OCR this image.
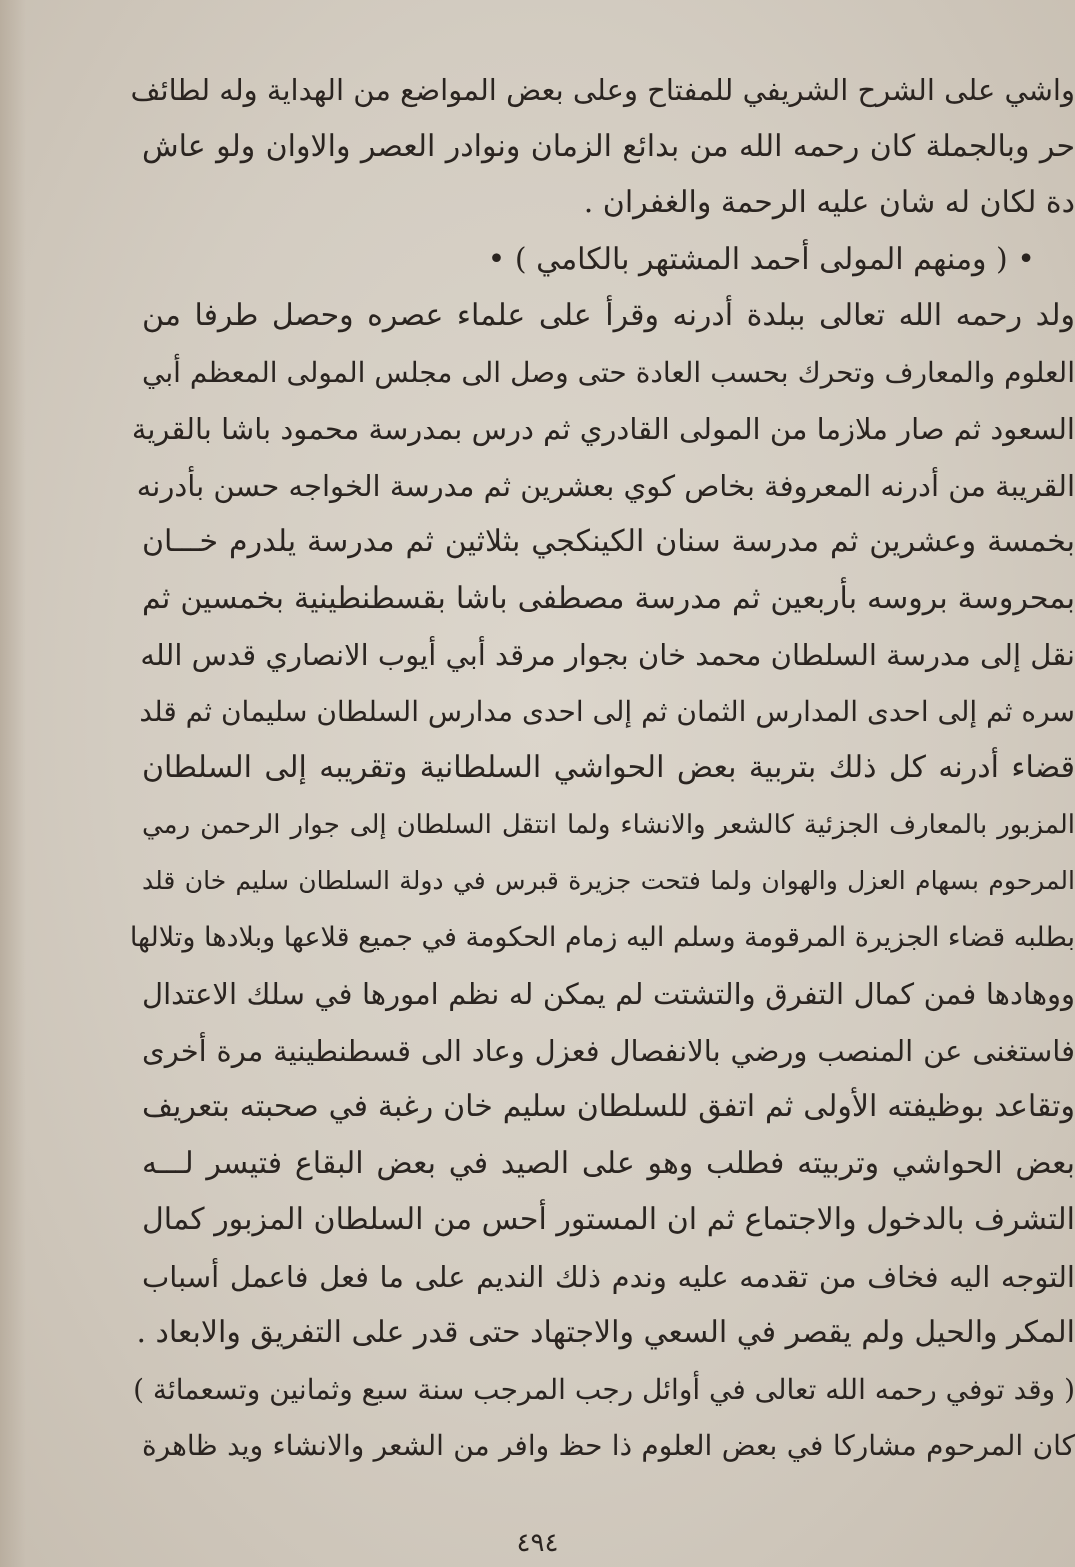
واشي على الشرح الشريفي للمفتاح وعلى بعض المواضع من الهداية وله لطائف
حر وبالجملة كان رحمه الله من بدائع الزمان ونوادر العصر والاوان ولو عاش
دة لكان له شان عليه الرحمة والغفران .
• ( ومنهم المولى أحمد المشتهر بالكامي ) •
ولد رحمه الله تعالى ببلدة أدرنه وقرأ على علماء عصره وحصل طرفا من
العلوم والمعارف وتحرك بحسب العادة حتى وصل الى مجلس المولى المعظم أبي
السعود ثم صار ملازما من المولى القادري ثم درس بمدرسة محمود باشا بالقرية
القريبة من أدرنه المعروفة بخاص كوي بعشرين ثم مدرسة الخواجه حسن بأدرنه
بخمسة وعشرين ثم مدرسة سنان الكينكجي بثلاثين ثم مدرسة يلدرم خـــان
بمحروسة بروسه بأربعين ثم مدرسة مصطفى باشا بقسطنطينية بخمسين ثم
نقل إلى مدرسة السلطان محمد خان بجوار مرقد أبي أيوب الانصاري قدس الله
سره ثم إلى احدى المدارس الثمان ثم إلى احدى مدارس السلطان سليمان ثم قلد
قضاء أدرنه كل ذلك بتربية بعض الحواشي السلطانية وتقريبه إلى السلطان
المزبور بالمعارف الجزئية كالشعر والانشاء ولما انتقل السلطان إلى جوار الرحمن رمي
المرحوم بسهام العزل والهوان ولما فتحت جزيرة قبرس في دولة السلطان سليم خان قلد
بطلبه قضاء الجزيرة المرقومة وسلم اليه زمام الحكومة في جميع قلاعها وبلادها وتلالها
ووهادها فمن كمال التفرق والتشتت لم يمكن له نظم امورها في سلك الاعتدال
فاستغنى عن المنصب ورضي بالانفصال فعزل وعاد الى قسطنطينية مرة أخرى
وتقاعد بوظيفته الأولى ثم اتفق للسلطان سليم خان رغبة في صحبته بتعريف
بعض الحواشي وتربيته فطلب وهو على الصيد في بعض البقاع فتيسر لـــه
التشرف بالدخول والاجتماع ثم ان المستور أحس من السلطان المزبور كمال
التوجه اليه فخاف من تقدمه عليه وندم ذلك النديم على ما فعل فاعمل أسباب
المكر والحيل ولم يقصر في السعي والاجتهاد حتى قدر على التفريق والابعاد .
( وقد توفي رحمه الله تعالى في أوائل رجب المرجب سنة سبع وثمانين وتسعمائة )
كان المرحوم مشاركا في بعض العلوم ذا حظ وافر من الشعر والانشاء ويد ظاهرة
٤٩٤
